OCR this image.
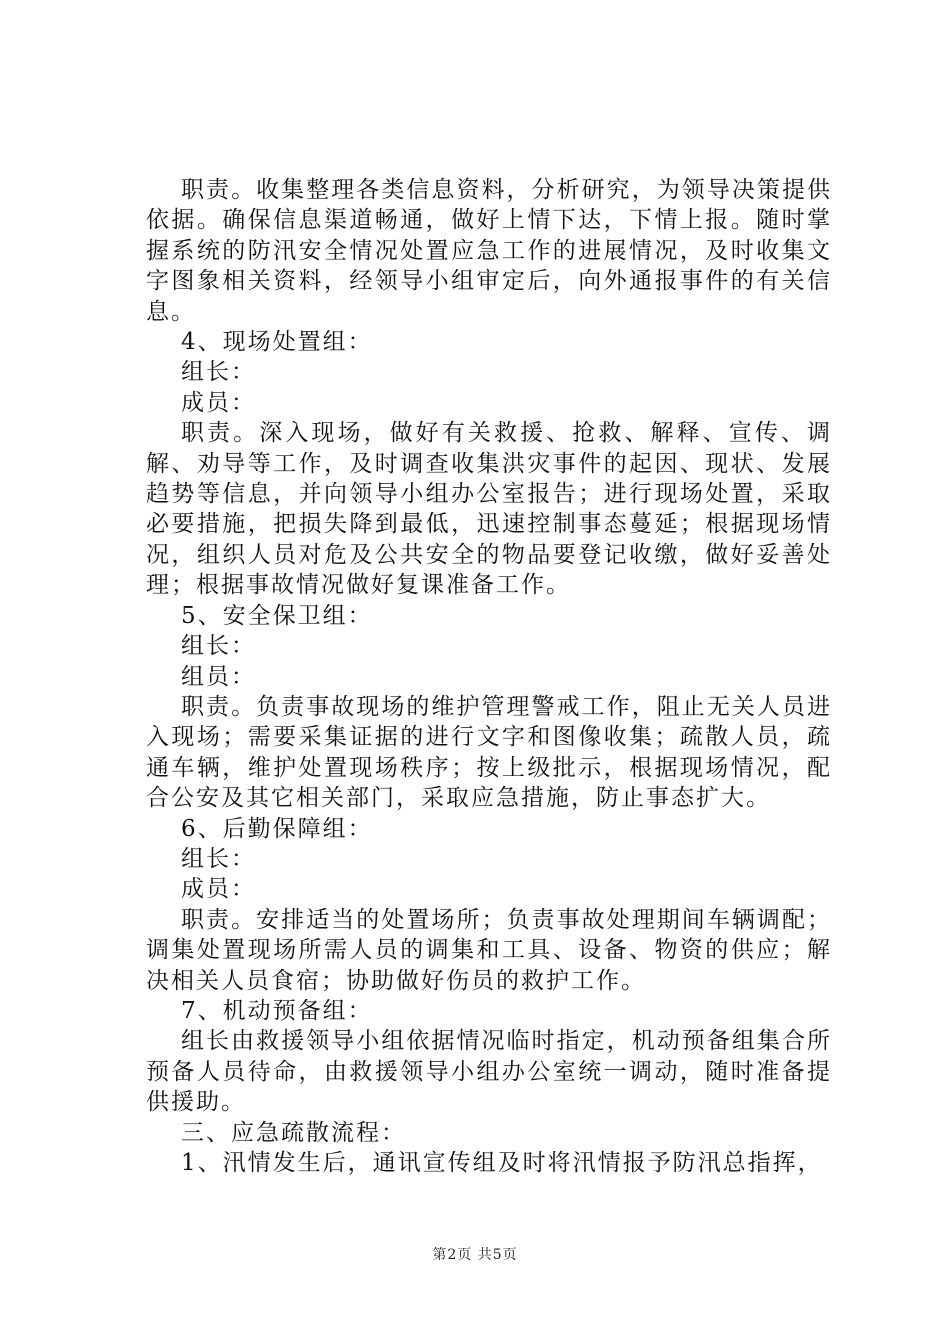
职责。收集整理各类信息资料，分析研究，为领导决策提供依据。确保信息渠道畅通，做好上情下达，下情上报。随时掌握系统的防汛安全情况处置应急工作的进展情况，及时收集文字图象相关资料，经领导小组审定后，向外通报事件的有关信息。

4、现场处置组：

组长：

成员：

职责。深入现场，做好有关救援、抢救、解释、宣传、调解、劝导等工作，及时调查收集洪灾事件的起因、现状、发展趋势等信息，并向领导小组办公室报告；进行现场处置，采取必要措施，把损失降到最低，迅速控制事态蔓延；根据现场情况，组织人员对危及公共安全的物品要登记收缴，做好妥善处理；根据事故情况做好复课准备工作。

5、安全保卫组：

组长：

组员：

职责。负责事故现场的维护管理警戒工作，阻止无关人员进入现场；需要采集证据的进行文字和图像收集；疏散人员，疏通车辆，维护处置现场秩序；按上级批示，根据现场情况，配合公安及其它相关部门，采取应急措施，防止事态扩大。

6、后勤保障组：

组长：

成员：

职责。安排适当的处置场所；负责事故处理期间车辆调配；调集处置现场所需人员的调集和工具、设备、物资的供应；解决相关人员食宿；协助做好伤员的救护工作。

7、机动预备组：

组长由救援领导小组依据情况临时指定，机动预备组集合所预备人员待命，由救援领导小组办公室统一调动，随时准备提供援助。

三、应急疏散流程：

1、汛情发生后，通讯宣传组及时将汛情报予防汛总指挥，

第2页 共5页
